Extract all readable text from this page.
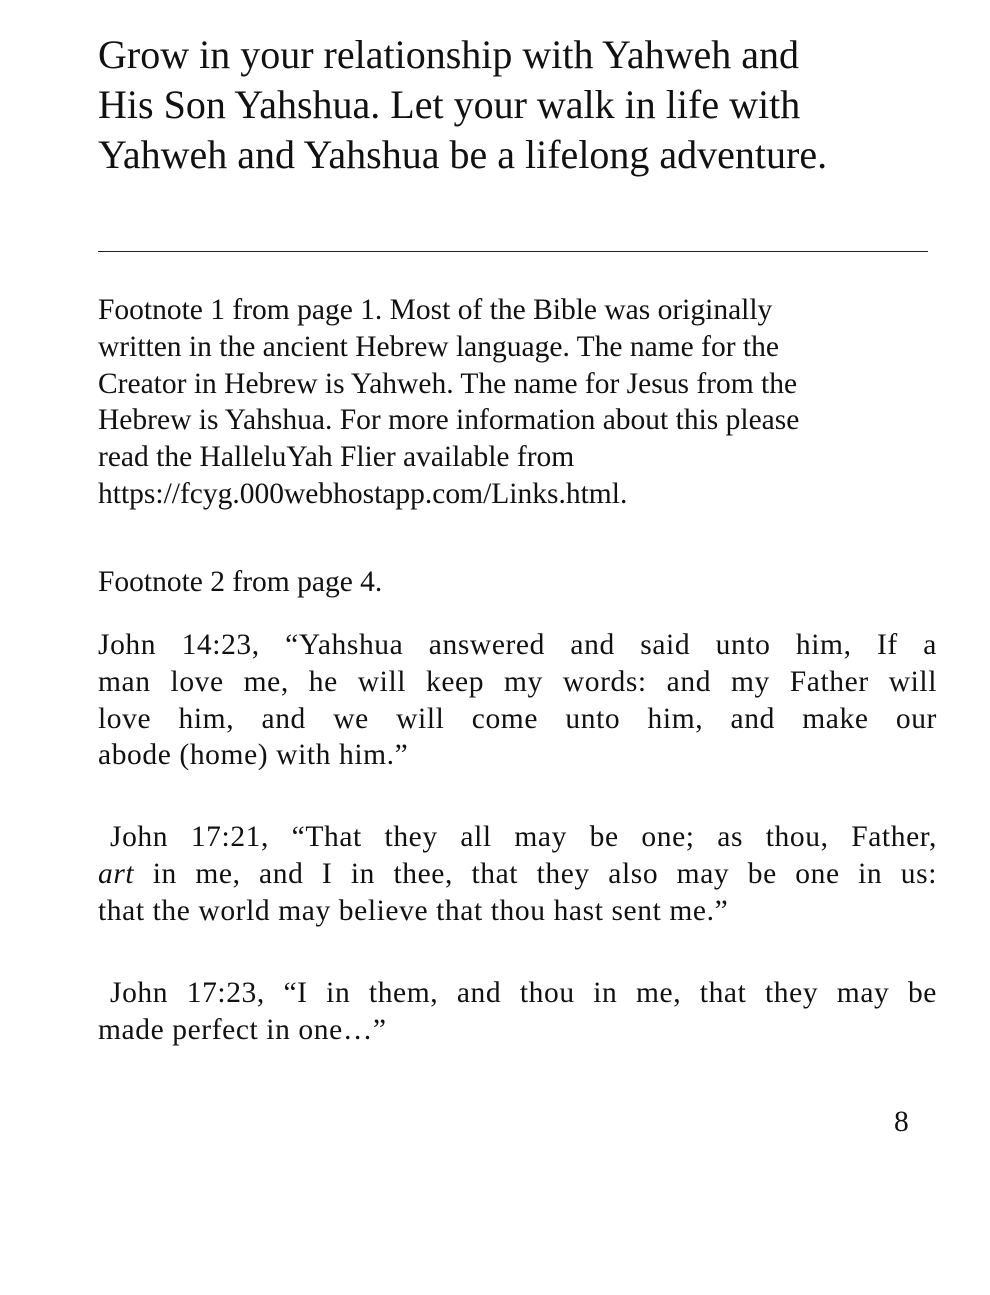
Grow in your relationship with Yahweh and
His Son Yahshua. Let your walk in life with
Yahweh and Yahshua be a lifelong adventure.
Footnote 1 from page 1. Most of the Bible was originally
written in the ancient Hebrew language. The name for the
Creator in Hebrew is Yahweh. The name for Jesus from the
Hebrew is Yahshua. For more information about this please
read the HalleluYah Flier available from
https://fcyg.000webhostapp.com/Links.html.
Footnote 2 from page 4.
John 14:23, “Yahshua answered and said unto him, If a
man love me, he will keep my words: and my Father will
love him, and we will come unto him, and make our
abode (home) with him.”
John 17:21, “That they all may be one; as thou, Father,
art in me, and I in thee, that they also may be one in us:
that the world may believe that thou hast sent me.”
John 17:23, “I in them, and thou in me, that they may be
made perfect in one…”
8
